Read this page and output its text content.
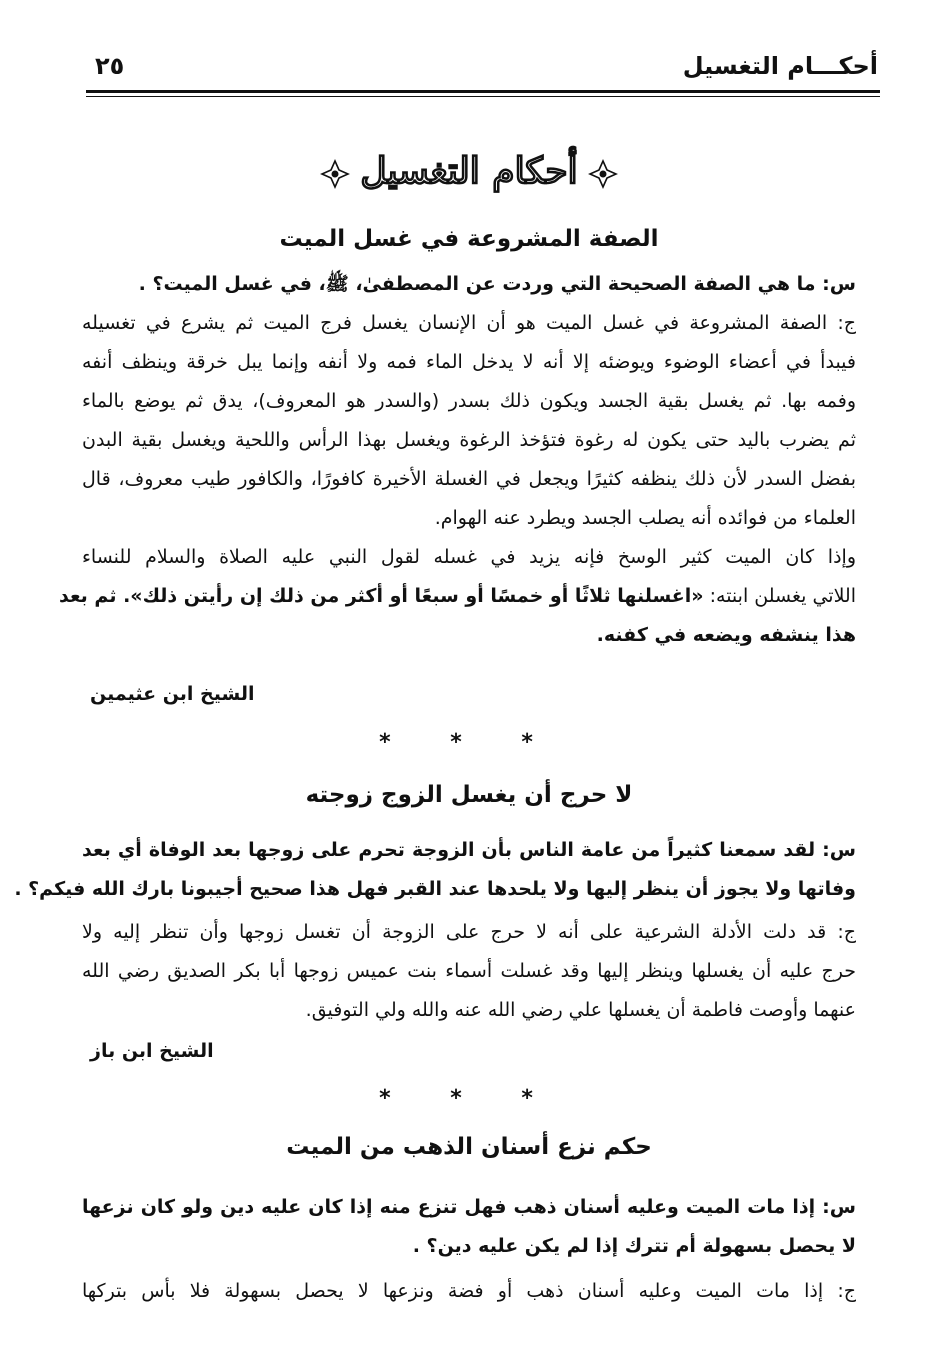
أحكـــام التغسيل
٢٥
أحكام التغسيل
الصفة المشروعة في غسل الميت
س: ما هي الصفة الصحيحة التي وردت عن المصطفىٰ، ﷺ، في غسل الميت؟ .
ج: الصفة المشروعة في غسل الميت هو أن الإنسان يغسل فرج الميت ثم يشرع في تغسيله
فيبدأ في أعضاء الوضوء ويوضئه إلا أنه لا يدخل الماء فمه ولا أنفه وإنما يبل خرقة وينظف أنفه
وفمه بها. ثم يغسل بقية الجسد ويكون ذلك بسدر (والسدر هو المعروف)، يدق ثم يوضع بالماء
ثم يضرب باليد حتى يكون له رغوة فتؤخذ الرغوة ويغسل بهذا الرأس واللحية ويغسل بقية البدن
بفضل السدر لأن ذلك ينظفه كثيرًا ويجعل في الغسلة الأخيرة كافورًا، والكافور طيب معروف، قال
العلماء من فوائده أنه يصلب الجسد ويطرد عنه الهوام.
وإذا كان الميت كثير الوسخ فإنه يزيد في غسله لقول النبي عليه الصلاة والسلام للنساء
اللاتي يغسلن ابنته: «اغسلنها ثلاثًا أو خمسًا أو سبعًا أو أكثر من ذلك إن رأيتن ذلك». ثم بعد
هذا ينشفه ويضعه في كفنه.
الشيخ ابن عثيمين
* * *
لا حرج أن يغسل الزوج زوجته
س: لقد سمعنا كثيراً من عامة الناس بأن الزوجة تحرم على زوجها بعد الوفاة أي بعد
وفاتها ولا يجوز أن ينظر إليها ولا يلحدها عند القبر فهل هذا صحيح أجيبونا بارك الله فيكم؟ .
ج: قد دلت الأدلة الشرعية على أنه لا حرج على الزوجة أن تغسل زوجها وأن تنظر إليه ولا
حرج عليه أن يغسلها وينظر إليها وقد غسلت أسماء بنت عميس زوجها أبا بكر الصديق رضي الله
عنهما وأوصت فاطمة أن يغسلها علي رضي الله عنه والله ولي التوفيق.
الشيخ ابن باز
* * *
حكم نزع أسنان الذهب من الميت
س: إذا مات الميت وعليه أسنان ذهب فهل تنزع منه إذا كان عليه دين ولو كان نزعها
لا يحصل بسهولة أم تترك إذا لم يكن عليه دين؟ .
ج: إذا مات الميت وعليه أسنان ذهب أو فضة ونزعها لا يحصل بسهولة فلا بأس بتركها
